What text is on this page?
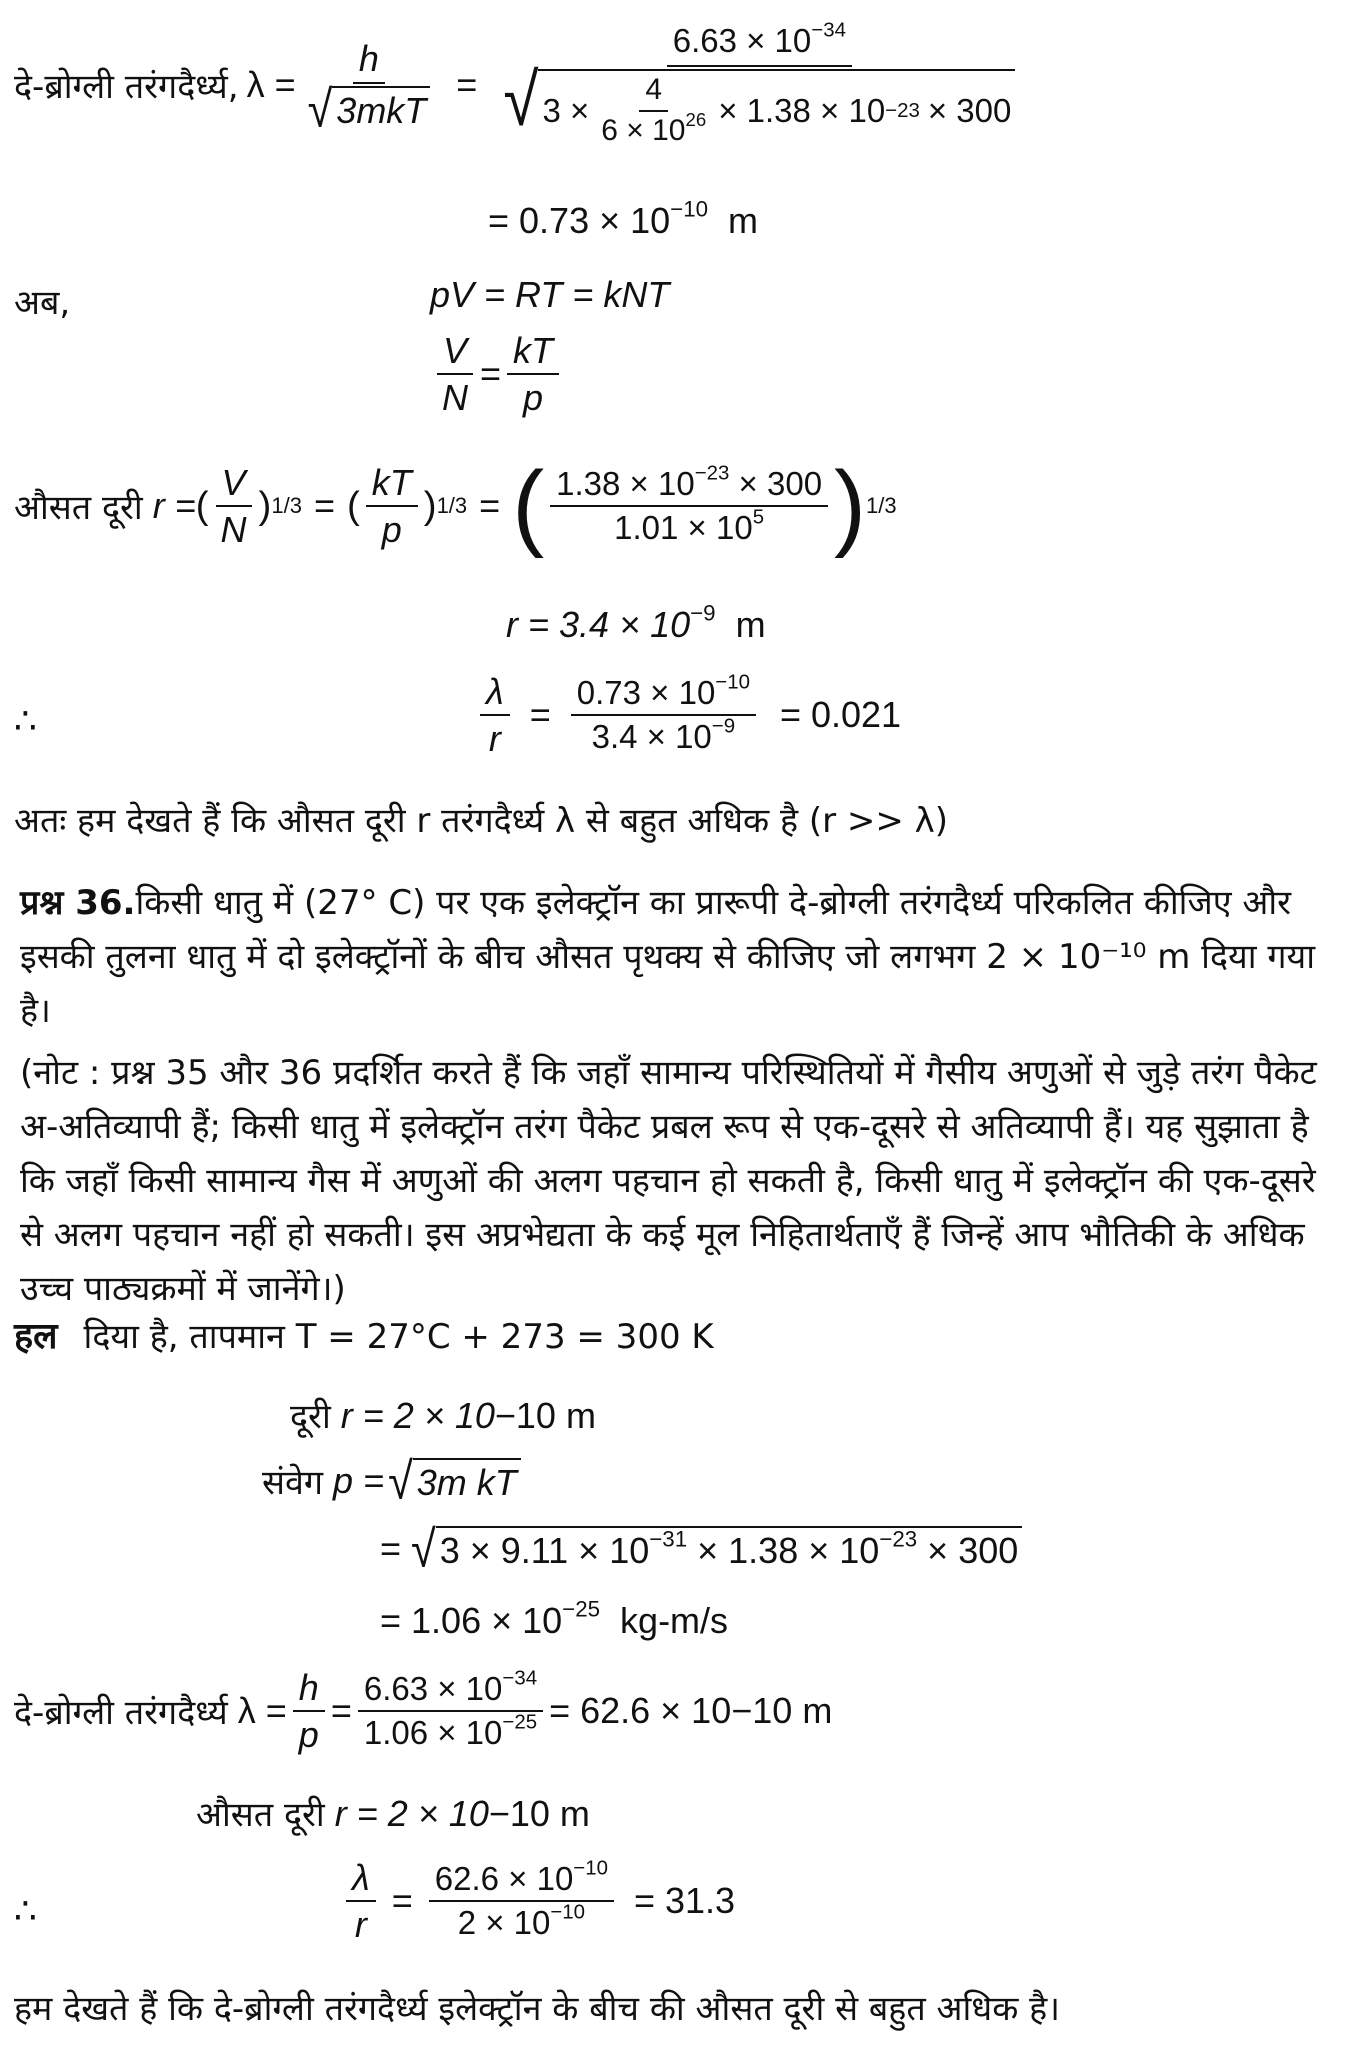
दे-ब्रोग्ली तरंगदैर्ध्य, $\lambda = \frac{h}{\text{√ 3mkT}}$ =
$6.63 \times 10^{-34}$
√ $3 \times \frac{4}{6 \times 10^{26}} \times 1.38 \times 10 -23 \times 300$
= $0.73 \times 10^{-10}$ m
अब,	pV = RT = kNT
$\frac{V}{N} = \frac{kT}{p}$
औसत दूरी r = ( $\frac{V}{N}$ ) 1/3 = ( $\frac{kT}{p}$ ) 1/3 = ( $\frac{1.38 \times 10^{-23} \times 300}{1.01 \times 10^5}$ ) 1/3
$r = 3.4 \times 10^{-9}$ m
∴	$\frac{\lambda}{r} = \frac{0.73 \times 10^{-10}}{3.4 \times 10^{-9}} = 0.021$
अतः हम देखते हैं कि औसत दूरी r तरंगदैर्ध्य λ से बहुत अधिक है (r >> λ)
प्रश्न 36.किसी धातु में (27° C) पर एक इलेक्ट्रॉन का प्रारूपी दे-ब्रोग्ली तरंगदैर्ध्य परिकलित कीजिए और इसकी तुलना धातु में दो इलेक्ट्रॉनों के बीच औसत पृथक्य से कीजिए जो लगभग 2 × 10⁻¹⁰ m दिया गया है।
(नोट : प्रश्न 35 और 36 प्रदर्शित करते हैं कि जहाँ सामान्य परिस्थितियों में गैसीय अणुओं से जुड़े तरंग पैकेट अ-अतिव्यापी हैं; किसी धातु में इलेक्ट्रॉन तरंग पैकेट प्रबल रूप से एक-दूसरे से अतिव्यापी हैं। यह सुझाता है कि जहाँ किसी सामान्य गैस में अणुओं की अलग पहचान हो सकती है, किसी धातु में इलेक्ट्रॉन की एक-दूसरे से अलग पहचान नहीं हो सकती। इस अप्रभेद्यता के कई मूल निहितार्थताएँ हैं जिन्हें आप भौतिकी के अधिक उच्च पाठ्यक्रमों में जानेंगे।)
हल दिया है, तापमान T = 27°C + 273 = 300 K
दूरी r = 2 × 10 −10 m
संवेग p = √ 3m kT
= √ $3 \times 9.11 \times 10^{-31} \times 1.38 \times 10^{-23} \times 300$
= $1.06 \times 10^{-25}$ kg-m/s
दे-ब्रोग्ली तरंगदैर्ध्य $\lambda = \frac{h}{p} = \frac{6.63 \times 10^{-34}}{1.06 \times 10^{-25}} = 62.6 \times 10 -10$ m
औसत दूरी r = 2 × 10 −10 m
∴	$\frac{\lambda}{r} = \frac{62.6 \times 10^{-10}}{2 \times 10^{-10}} = 31.3$
हम देखते हैं कि दे-ब्रोग्ली तरंगदैर्ध्य इलेक्ट्रॉन के बीच की औसत दूरी से बहुत अधिक है।
